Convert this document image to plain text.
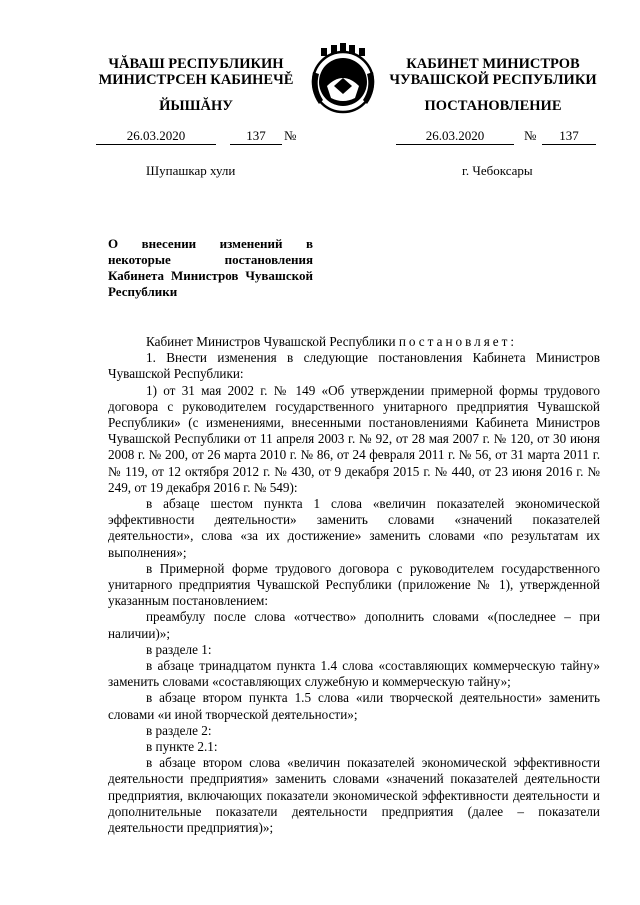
ЧĂВАШ РЕСПУБЛИКИН
МИНИСТРСЕН КАБИНЕЧĚ
ЙЫШĂНУ
КАБИНЕТ МИНИСТРОВ
ЧУВАШСКОЙ РЕСПУБЛИКИ
ПОСТАНОВЛЕНИЕ
26.03.2020	137	№	26.03.2020	№	137
Шупашкар хули	г. Чебоксары
О внесении изменений в некоторые постановления Кабинета Министров Чувашской Республики

Кабинет Министров Чувашской Республики постановляет:

1. Внести изменения в следующие постановления Кабинета Министров Чувашской Республики:

1) от 31 мая 2002 г. № 149 «Об утверждении примерной формы трудового договора с руководителем государственного унитарного предприятия Чувашской Республики» (с изменениями, внесенными постановлениями Кабинета Министров Чувашской Республики от 11 апреля 2003 г. № 92, от 28 мая 2007 г. № 120, от 30 июня 2008 г. № 200, от 26 марта 2010 г. № 86, от 24 февраля 2011 г. № 56, от 31 марта 2011 г. № 119, от 12 октября 2012 г. № 430, от 9 декабря 2015 г. № 440, от 23 июня 2016 г. № 249, от 19 декабря 2016 г. № 549):

в абзаце шестом пункта 1 слова «величин показателей экономической эффективности деятельности» заменить словами «значений показателей деятельности», слова «за их достижение» заменить словами «по результатам их выполнения»;

в Примерной форме трудового договора с руководителем государственного унитарного предприятия Чувашской Республики (приложение № 1), утвержденной указанным постановлением:

преамбулу после слова «отчество» дополнить словами «(последнее – при наличии)»;

в разделе 1:

в абзаце тринадцатом пункта 1.4 слова «составляющих коммерческую тайну» заменить словами «составляющих служебную и коммерческую тайну»;

в абзаце втором пункта 1.5 слова «или творческой деятельности» заменить словами «и иной творческой деятельности»;

в разделе 2:

в пункте 2.1:

в абзаце втором слова «величин показателей экономической эффективности деятельности предприятия» заменить словами «значений показателей деятельности предприятия, включающих показатели экономической эффективности деятельности и дополнительные показатели деятельности предприятия (далее – показатели деятельности предприятия)»;
